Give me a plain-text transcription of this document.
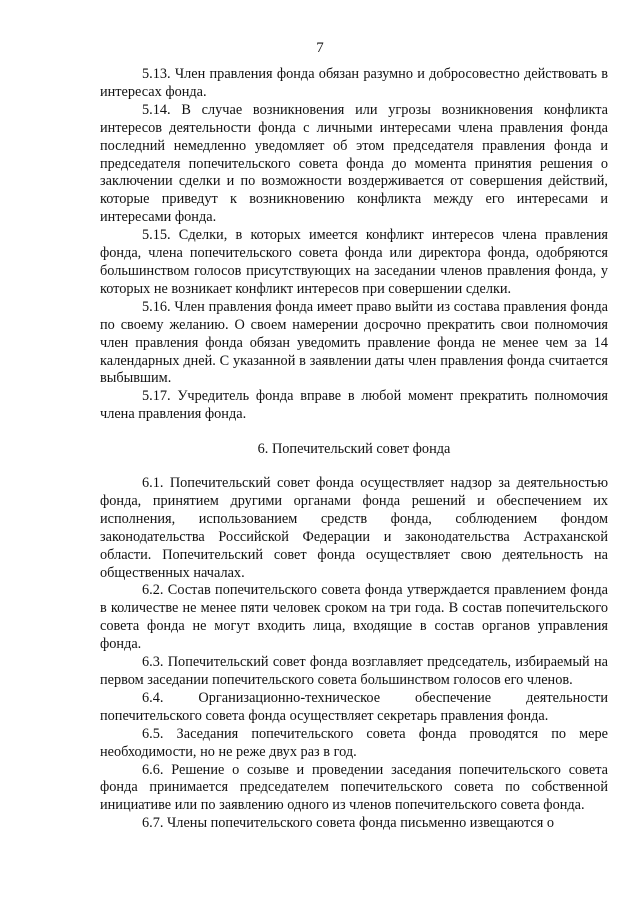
7

5.13. Член правления фонда обязан разумно и добросовестно действовать в интересах фонда.

5.14. В случае возникновения или угрозы возникновения конфликта интересов деятельности фонда с личными интересами члена правления фонда последний немедленно уведомляет об этом председателя правления фонда и председателя попечительского совета фонда до момента принятия решения о заключении сделки и по возможности воздерживается от совершения действий, которые приведут к возникновению конфликта между его интересами и интересами фонда.

5.15. Сделки, в которых имеется конфликт интересов члена правления фонда, члена попечительского совета фонда или директора фонда, одобряются большинством голосов присутствующих на заседании членов правления фонда, у которых не возникает конфликт интересов при совершении сделки.

5.16. Член правления фонда имеет право выйти из состава правления фонда по своему желанию. О своем намерении досрочно прекратить свои полномочия член правления фонда обязан уведомить правление фонда не менее чем за 14 календарных дней. С указанной в заявлении даты член правления фонда считается выбывшим.

5.17. Учредитель фонда вправе в любой момент прекратить полномочия члена правления фонда.

6. Попечительский совет фонда

6.1. Попечительский совет фонда осуществляет надзор за деятельностью фонда, принятием другими органами фонда решений и обеспечением их исполнения, использованием средств фонда, соблюдением фондом законодательства Российской Федерации и законодательства Астраханской области. Попечительский совет фонда осуществляет свою деятельность на общественных началах.

6.2. Состав попечительского совета фонда утверждается правлением фонда в количестве не менее пяти человек сроком на три года. В состав попечительского совета фонда не могут входить лица, входящие в состав органов управления фонда.

6.3. Попечительский совет фонда возглавляет председатель, избираемый на первом заседании попечительского совета большинством голосов его членов.

6.4. Организационно-техническое обеспечение деятельности попечительского совета фонда осуществляет секретарь правления фонда.

6.5. Заседания попечительского совета фонда проводятся по мере необходимости, но не реже двух раз в год.

6.6. Решение о созыве и проведении заседания попечительского совета фонда принимается председателем попечительского совета по собственной инициативе или по заявлению одного из членов попечительского совета фонда.

6.7. Члены попечительского совета фонда письменно извещаются о
